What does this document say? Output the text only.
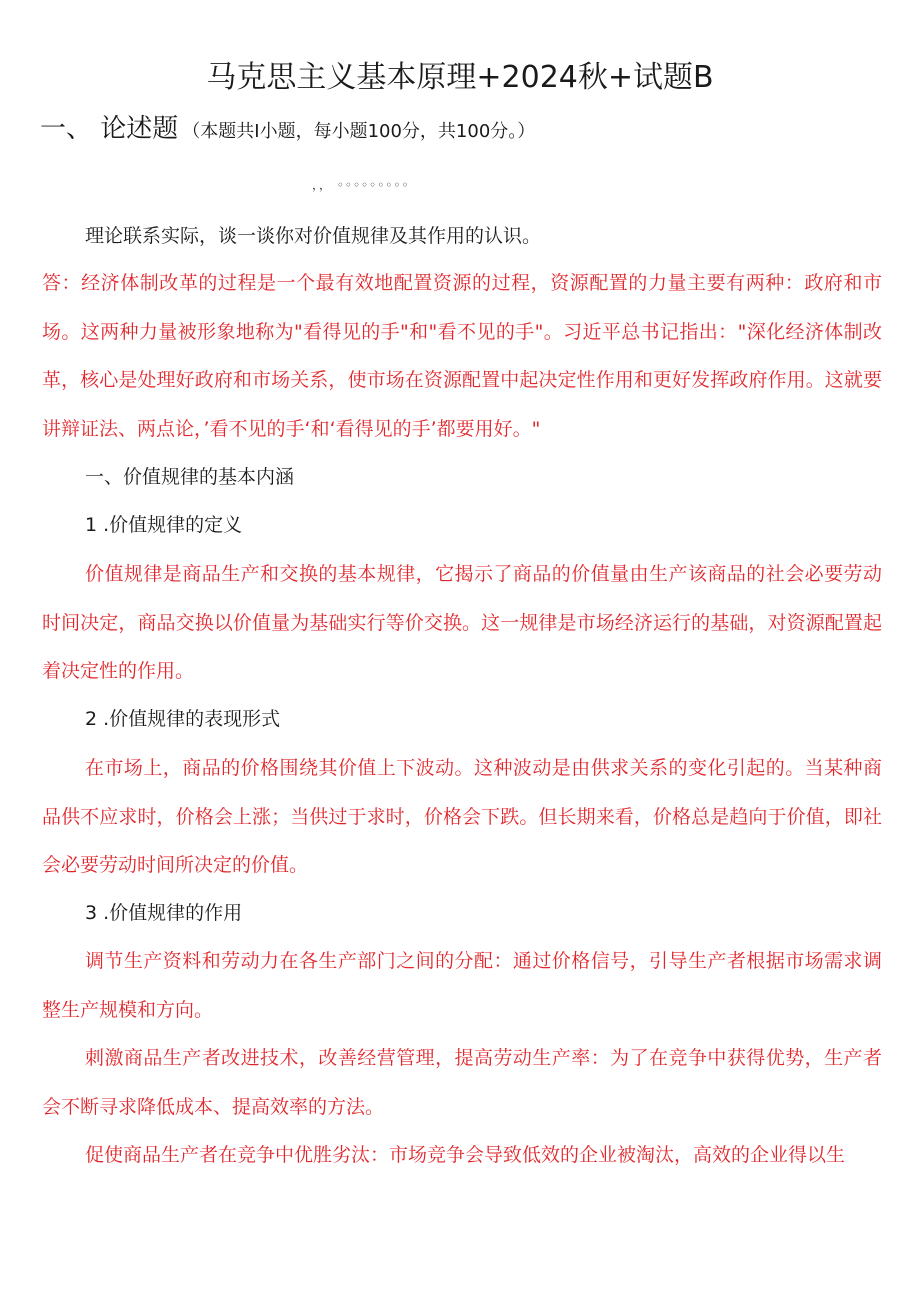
马克思主义基本原理+2024秋+试题B
一、 论述题 （本题共Ⅰ小题，每小题100分，共100分。）
，， ◦◦◦◦◦◦◦◦◦
理论联系实际，谈一谈你对价值规律及其作用的认识。
答：经济体制改革的过程是一个最有效地配置资源的过程，资源配置的力量主要有两种：政府和市场。这两种力量被形象地称为"看得见的手"和"看不见的手"。习近平总书记指出："深化经济体制改革，核心是处理好政府和市场关系，使市场在资源配置中起决定性作用和更好发挥政府作用。这就要讲辩证法、两点论，’看不见的手‘和‘看得见的手’都要用好。"
一、价值规律的基本内涵
1 .价值规律的定义
价值规律是商品生产和交换的基本规律，它揭示了商品的价值量由生产该商品的社会必要劳动时间决定，商品交换以价值量为基础实行等价交换。这一规律是市场经济运行的基础，对资源配置起着决定性的作用。
2 .价值规律的表现形式
在市场上，商品的价格围绕其价值上下波动。这种波动是由供求关系的变化引起的。当某种商品供不应求时，价格会上涨；当供过于求时，价格会下跌。但长期来看，价格总是趋向于价值，即社会必要劳动时间所决定的价值。
3 .价值规律的作用
调节生产资料和劳动力在各生产部门之间的分配：通过价格信号，引导生产者根据市场需求调整生产规模和方向。
刺激商品生产者改进技术，改善经营管理，提高劳动生产率：为了在竞争中获得优势，生产者会不断寻求降低成本、提高效率的方法。
促使商品生产者在竞争中优胜劣汰：市场竞争会导致低效的企业被淘汰，高效的企业得以生
